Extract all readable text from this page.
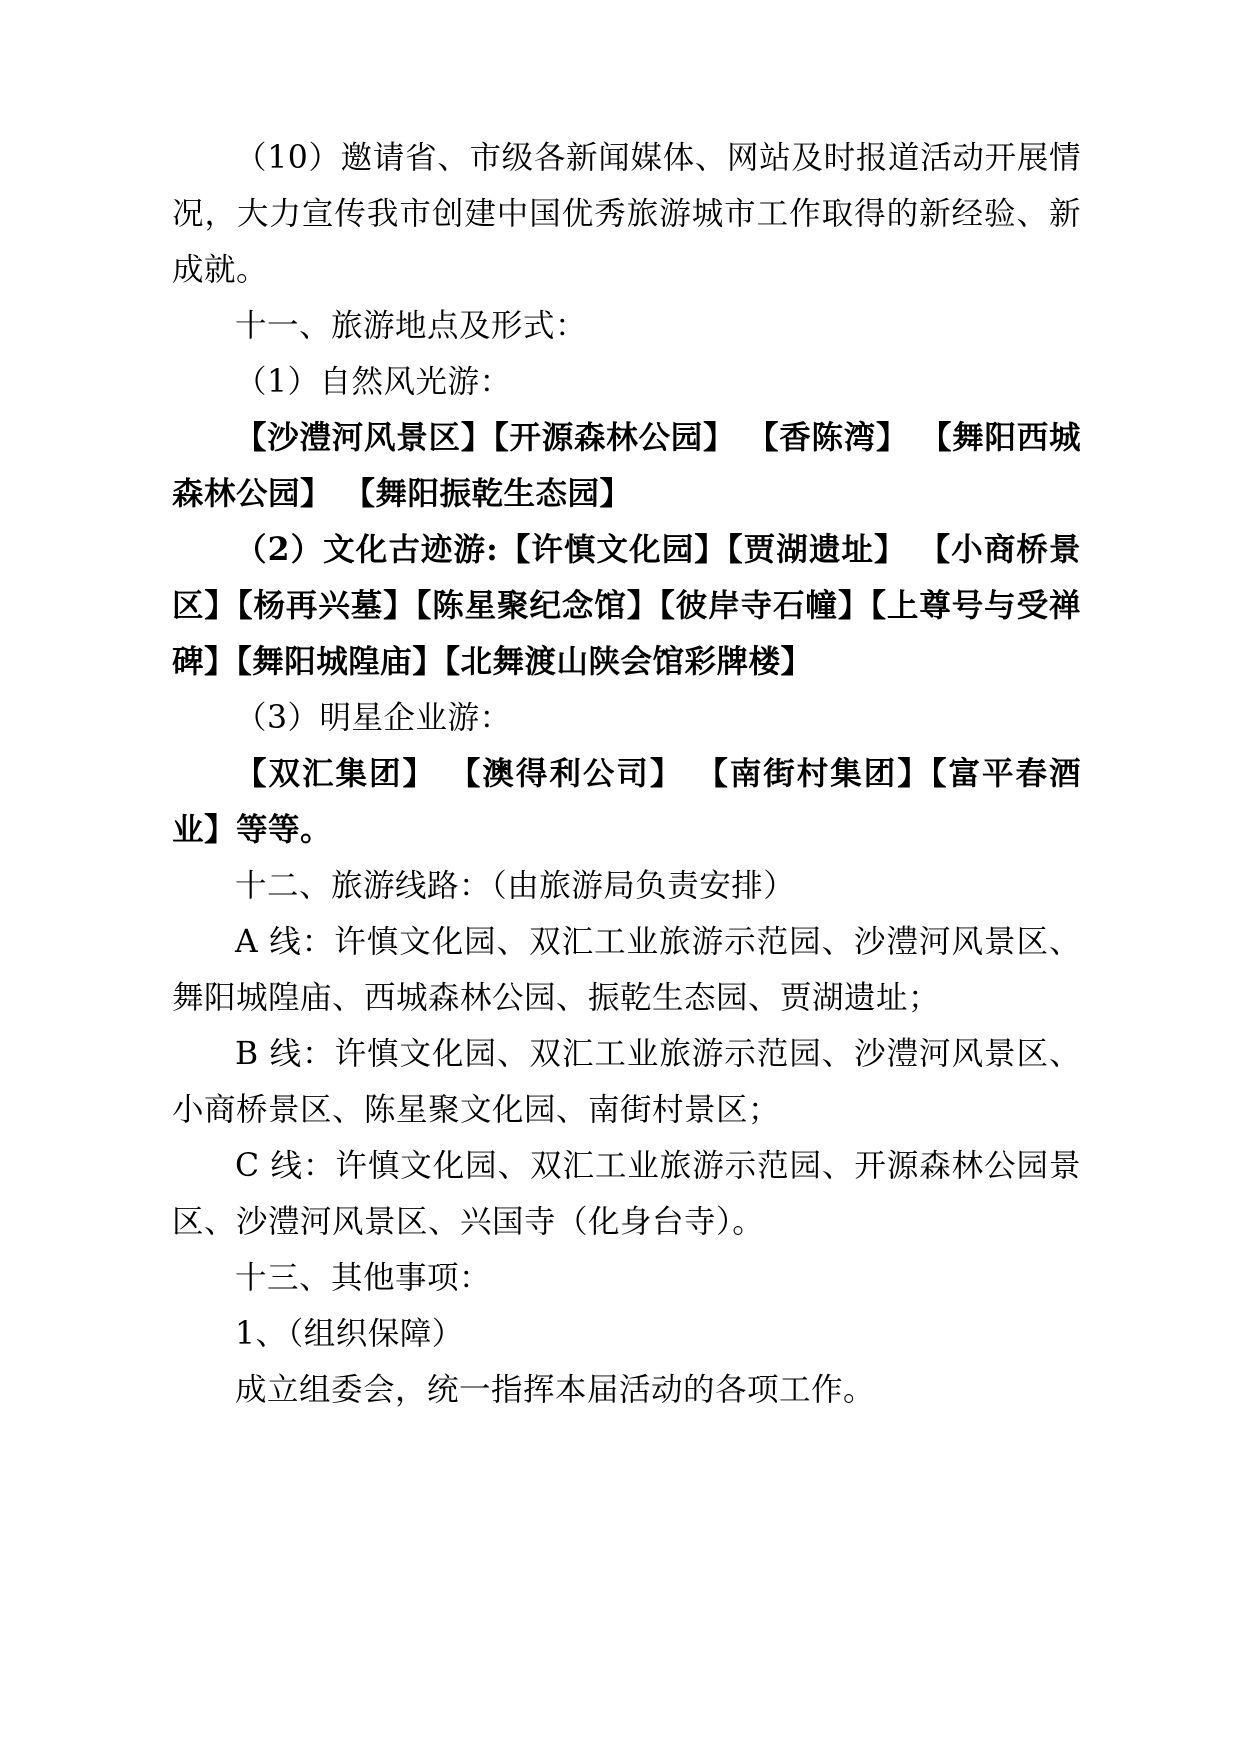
（10）邀请省、市级各新闻媒体、网站及时报道活动开展情况，大力宣传我市创建中国优秀旅游城市工作取得的新经验、新成就。

十一、旅游地点及形式：

（1）自然风光游：

【沙澧河风景区】【开源森林公园】 【香陈湾】 【舞阳西城森林公园】 【舞阳振乾生态园】

（2）文化古迹游:【许慎文化园】【贾湖遗址】 【小商桥景区】【杨再兴墓】【陈星聚纪念馆】【彼岸寺石幢】【上尊号与受禅碑】【舞阳城隍庙】【北舞渡山陕会馆彩牌楼】

（3）明星企业游：

【双汇集团】 【澳得利公司】 【南街村集团】【富平春酒业】等等。

十二、旅游线路：（由旅游局负责安排）

A 线：许慎文化园、双汇工业旅游示范园、沙澧河风景区、舞阳城隍庙、西城森林公园、振乾生态园、贾湖遗址；

B 线：许慎文化园、双汇工业旅游示范园、沙澧河风景区、小商桥景区、陈星聚文化园、南街村景区；

C 线：许慎文化园、双汇工业旅游示范园、开源森林公园景区、沙澧河风景区、兴国寺（化身台寺）。

十三、其他事项：

1、（组织保障）

成立组委会，统一指挥本届活动的各项工作。
